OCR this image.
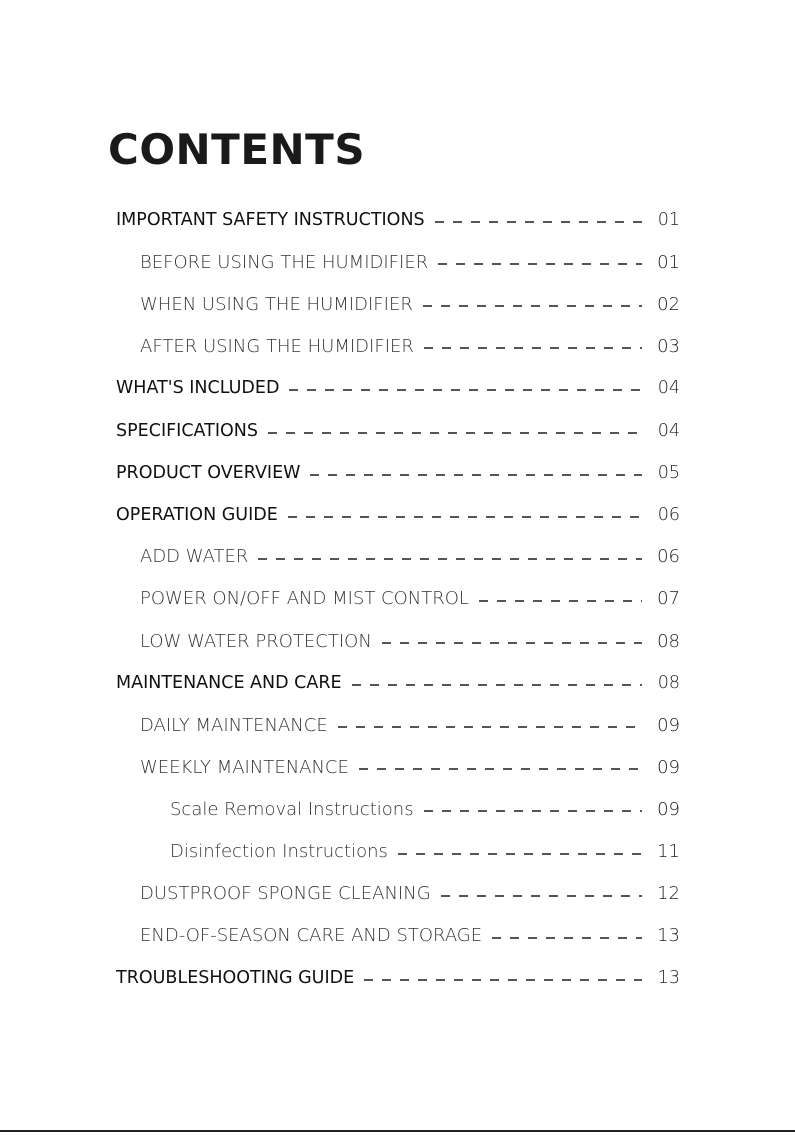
CONTENTS
IMPORTANT SAFETY INSTRUCTIONS	01
BEFORE USING THE HUMIDIFIER	01
WHEN USING THE HUMIDIFIER	02
AFTER USING THE HUMIDIFIER	03
WHAT'S INCLUDED	04
SPECIFICATIONS	04
PRODUCT OVERVIEW	05
OPERATION GUIDE	06
ADD WATER	06
POWER ON/OFF AND MIST CONTROL	07
LOW WATER PROTECTION	08
MAINTENANCE AND CARE	08
DAILY MAINTENANCE	09
WEEKLY MAINTENANCE	09
Scale Removal Instructions	09
Disinfection Instructions	11
DUSTPROOF SPONGE CLEANING	12
END-OF-SEASON CARE AND STORAGE	13
TROUBLESHOOTING GUIDE	13
